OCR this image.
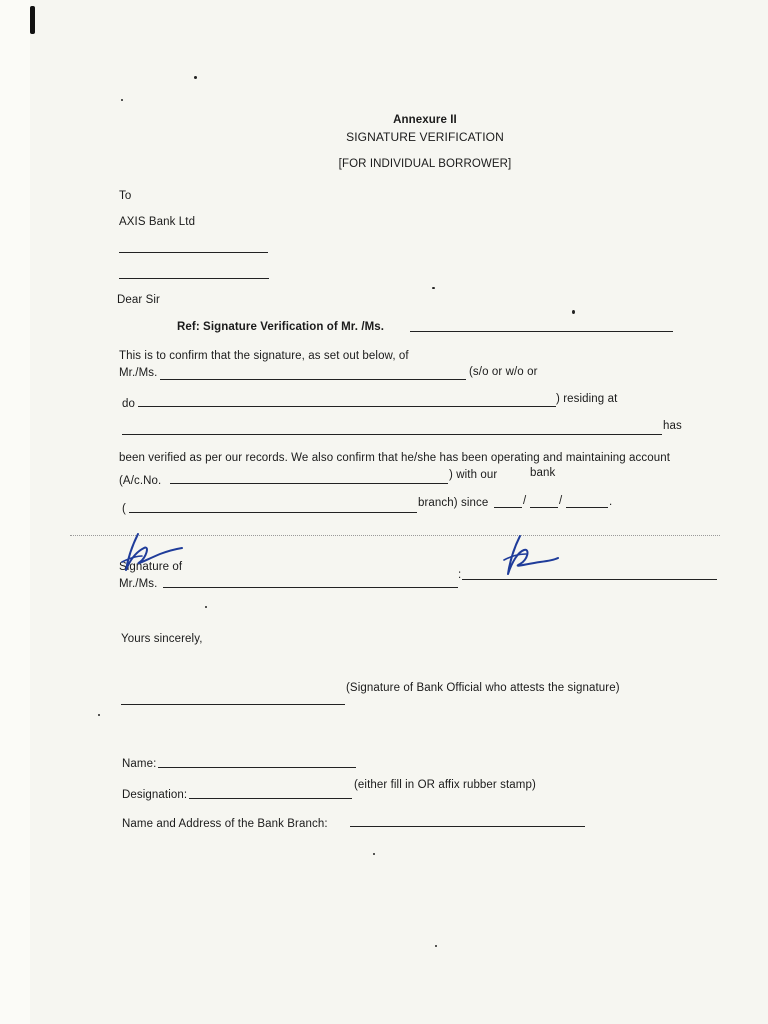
Annexure II
SIGNATURE VERIFICATION
[FOR INDIVIDUAL BORROWER]
To
AXIS Bank Ltd
Dear Sir
Ref: Signature Verification of Mr. /Ms.
This is to confirm that the signature, as set out below, of
Mr./Ms.	(s/o or w/o or
do	) residing at
has
been verified as per our records. We also confirm that he/she has been operating and maintaining account
(A/c.No.	) with our	bank
(	branch) since	/	/	.
Signature of
Mr./Ms.
:
Yours sincerely,
(Signature of Bank Official who attests the signature)
Name:
Designation:
(either fill in OR affix rubber stamp)
Name and Address of the Bank Branch:
